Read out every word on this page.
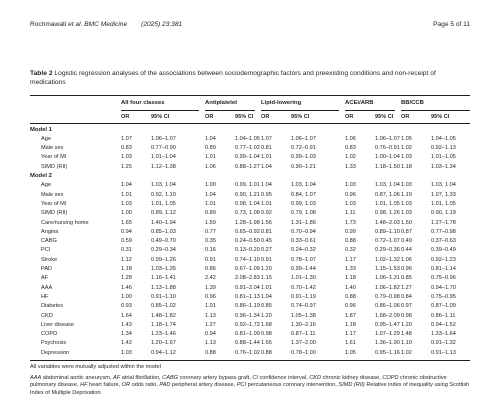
Rochmawati et al. BMC Medicine (2025) 23:381	Page 5 of 11
Table 2 Logistic regression analyses of the associations between sociodemographic factors and preexisting conditions and non-receipt of medications
All four classes
OR	95% CI
Antiplatelet
OR	95% CI
Lipid-lowering
OR	95% CI
ACEi/ARB
OR	95% CI
BB/CCB
OR	95% CI
Model 1
Age	1.07	1.06–1.07	1.04	1.04–1.05 1.07	1.06–1.07	1.06	1.06–1.07 1.05	1.04–1.05
Male sex	0.83	0.77–0.90	0.89	0.77–1.02 0.81	0.72–0.91	0.83	0.76–0.91 1.02	0.92–1.13
Year of MI	1.03	1.01–1.04	1.01	0.99–1.04 1.01	0.99–1.03	1.02	1.00–1.04 1.03	1.01–1.05
SIMD (RII)	1.25	1.12–1.38	1.06	0.88–1.27 1.04	0.90–1.21	1.33	1.18–1.50 1.18	1.03–1.34
Model 2
Age	1.04	1.03, 1.04	1.00	0.99, 1.01 1.04	1.03, 1.04	1.03	1.03, 1.04 1.03	1.03, 1.04
Male sex	1.01	0.92, 1.10	1.04	0.90, 1.21 0.95	0.84, 1.07	0.96	0.87, 1.06 1.19	1.07, 1.33
Year of MI	1.03	1.01, 1.05	1.01	0.98, 1.04 1.01	0.99, 1.03	1.03	1.01, 1.05 1.03	1.01, 1.05
SIMD (RII)	1.00	0.89, 1.12	0.89	0.73, 1.08 0.92	0.79, 1.08	1.11	0.98, 1.26 1.03	0.90, 1.19
Care/nursing home	1.65	1.40–1.94	1.59	1.28–1.98 1.56	1.31–1.86	1.73	1.48–2.03 1.50	1.27–1.78
Angina	0.94	0.85–1.03	0.77	0.65–0.92 0.81	0.70–0.94	0.99	0.89–1.10 0.87	0.77–0.98
CABG	0.59	0.49–0.70	0.35	0.24–0.50 0.45	0.33–0.61	0.88	0.72–1.07 0.49	0.37–0.63
PCI	0.31	0.29–0.34	0.16	0.13–0.20 0.27	0.24–0.32	0.32	0.29–0.36 0.44	0.39–0.49
Stroke	1.12	0.99–1.26	0.91	0.74–1.10 0.91	0.78–1.07	1.17	1.02–1.32 1.06	0.92–1.23
PAD	1.18	1.03–1.35	0.86	0.67–1.09 1.20	0.99–1.44	1.33	1.15–1.53 0.96	0.81–1.14
AF	1.28	1.16–1.41	2.42	2.08–2.83 1.15	1.01–1.30	1.18	1.06–1.31 0.85	0.75–0.96
AAA	1.46	1.13–1.88	1.39	0.91–2.04 1.01	0.70–1.42	1.40	1.06–1.82 1.27	0.94–1.70
HF	1.00	0.91–1.10	0.96	0.81–1.13 1.04	0.91–1.19	0.88	0.79–0.98 0.84	0.75–0.95
Diabetes	0.93	0.85–1.02	1.01	0.86–1.19 0.85	0.74–0.97	0.96	0.86–1.06 0.97	0.87–1.09
CKD	1.64	1.48–1.82	1.13	0.96–1.34 1.20	1.05–1.38	1.87	1.68–2.09 0.98	0.86–1.11
Liver disease	1.43	1.18–1.74	1.27	0.92–1.72 1.68	1.30–2.16	1.18	0.95–1.47 1.20	0.94–1.52
COPD	1.34	1.23–1.46	0.94	0.81–1.09 0.98	0.87–1.11	1.17	1.07–1.29 1.48	1.33–1.64
Psychosis	1.42	1.20–1.67	1.13	0.88–1.44 1.65	1.37–2.00	1.61	1.36–1.90 1.10	0.91–1.32
Depression	1.03	0.94–1.12	0.88	0.76–1.02 0.88	0.78–1.00	1.05	0.95–1.16 1.02	0.91–1.13
All variables were mutually adjusted within the model
AAA abdominal aortic aneurysm, AF atrial fibrillation, CABG coronary artery bypass graft, CI confidence interval, CKD chronic kidney disease, COPD chronic obstructive pulmonary disease, HF heart failure, OR odds ratio, PAD peripheral artery disease, PCI percutaneous coronary intervention, SIMD (RII) Relative index of inequality using Scottish Index of Multiple Deprivation
